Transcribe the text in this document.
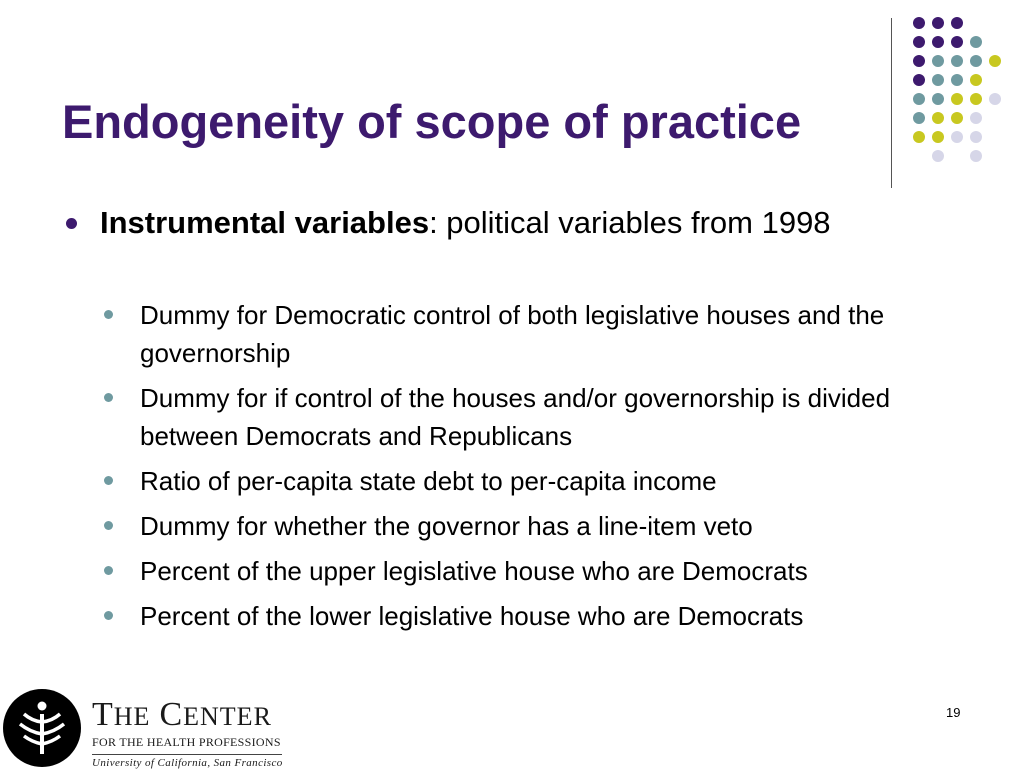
Endogeneity of scope of practice
Instrumental variables: political variables from 1998
Dummy for Democratic control of both legislative houses and the governorship
Dummy for if control of the houses and/or governorship is divided between Democrats and Republicans
Ratio of per-capita state debt to per-capita income
Dummy for whether the governor has a line-item veto
Percent of the upper legislative house who are Democrats
Percent of the lower legislative house who are Democrats
19
THE CENTER
FOR THE HEALTH PROFESSIONS
University of California, San Francisco
